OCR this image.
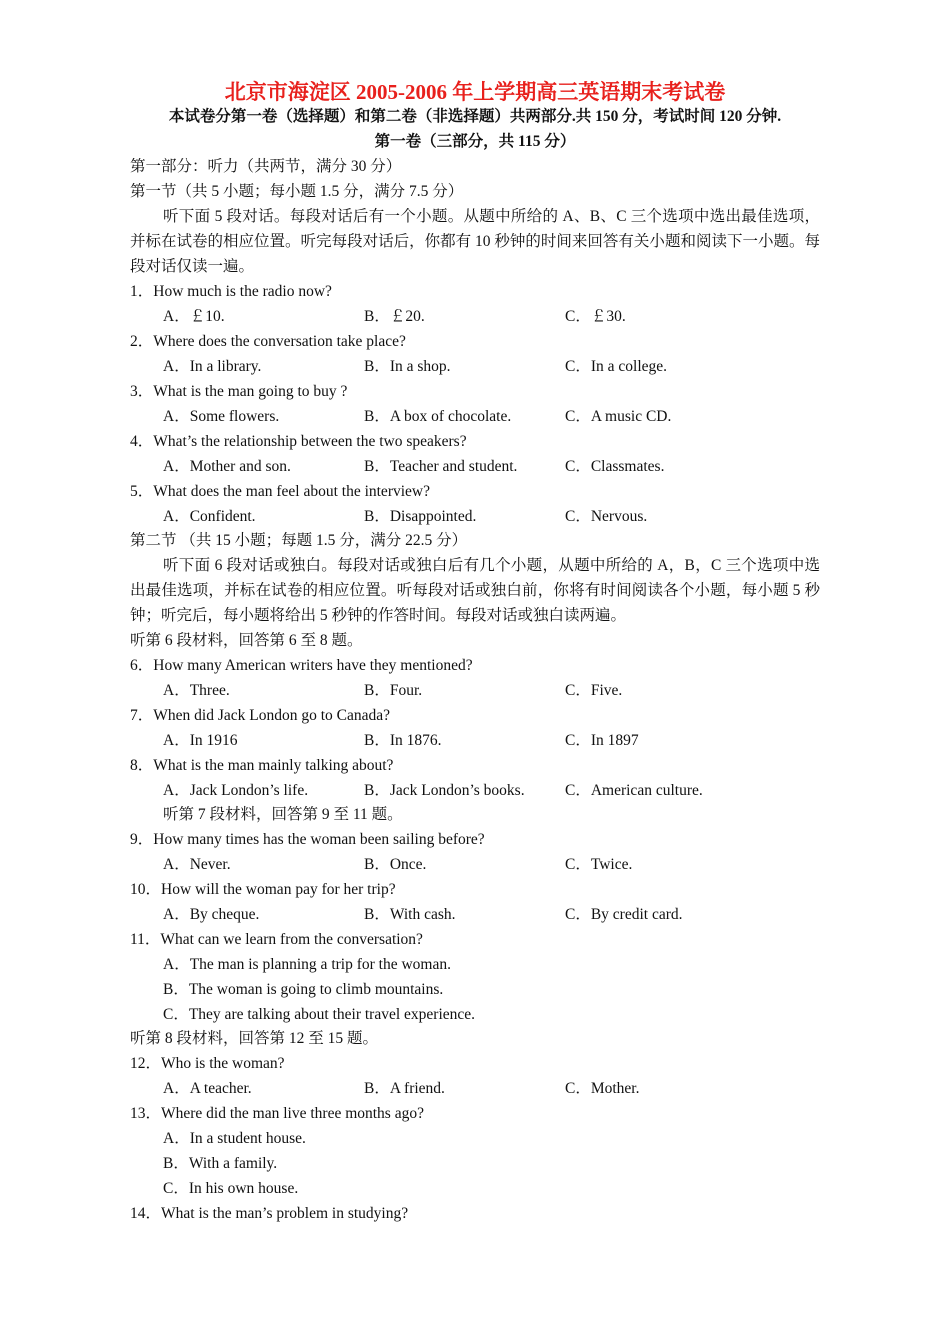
北京市海淀区 2005-2006 年上学期高三英语期末考试卷
本试卷分第一卷（选择题）和第二卷（非选择题）共两部分.共 150 分，考试时间 120 分钟.
第一卷（三部分，共 115 分）
第一部分：听力（共两节，满分 30 分）
第一节（共 5 小题；每小题 1.5 分，满分 7.5 分）
听下面 5 段对话。每段对话后有一个小题。从题中所给的 A、B、C 三个选项中选出最佳选项，并标在试卷的相应位置。听完每段对话后，你都有 10 秒钟的时间来回答有关小题和阅读下一小题。每段对话仅读一遍。
1．How much is the radio now?
A．￡10.	B．￡20.	C．￡30.
2．Where does the conversation take place?
A．In a library.	B．In a shop.	C．In a college.
3．What is the man going to buy ?
A．Some flowers.	B．A box of chocolate.	C．A music CD.
4．What’s the relationship between the two speakers?
A．Mother and son.	B．Teacher and student.	C．Classmates.
5．What does the man feel about the interview?
A．Confident.	B．Disappointed.	C．Nervous.
第二节 （共 15 小题；每题 1.5 分，满分 22.5 分）
听下面 6 段对话或独白。每段对话或独白后有几个小题，从题中所给的 A，B，C 三个选项中选出最佳选项，并标在试卷的相应位置。听每段对话或独白前，你将有时间阅读各个小题，每小题 5 秒钟；听完后，每小题将给出 5 秒钟的作答时间。每段对话或独白读两遍。
听第 6 段材料，回答第 6 至 8 题。
6．How many American writers have they mentioned?
A．Three.	B．Four.	C．Five.
7．When did Jack London go to Canada?
A．In 1916	B．In 1876.	C．In 1897
8．What is the man mainly talking about?
A．Jack London’s life.	B．Jack London’s books.	C．American culture.
听第 7 段材料，回答第 9 至 11 题。
9．How many times has the woman been sailing before?
A．Never.	B．Once.	C．Twice.
10．How will the woman pay for her trip?
A．By cheque.	B．With cash.	C．By credit card.
11．What can we learn from the conversation?
A．The man is planning a trip for the woman.
B．The woman is going to climb mountains.
C．They are talking about their travel experience.
听第 8 段材料，回答第 12 至 15 题。
12．Who is the woman?
A．A teacher.	B．A friend.	C．Mother.
13．Where did the man live three months ago?
A．In a student house.
B．With a family.
C．In his own house.
14．What is the man’s problem in studying?
